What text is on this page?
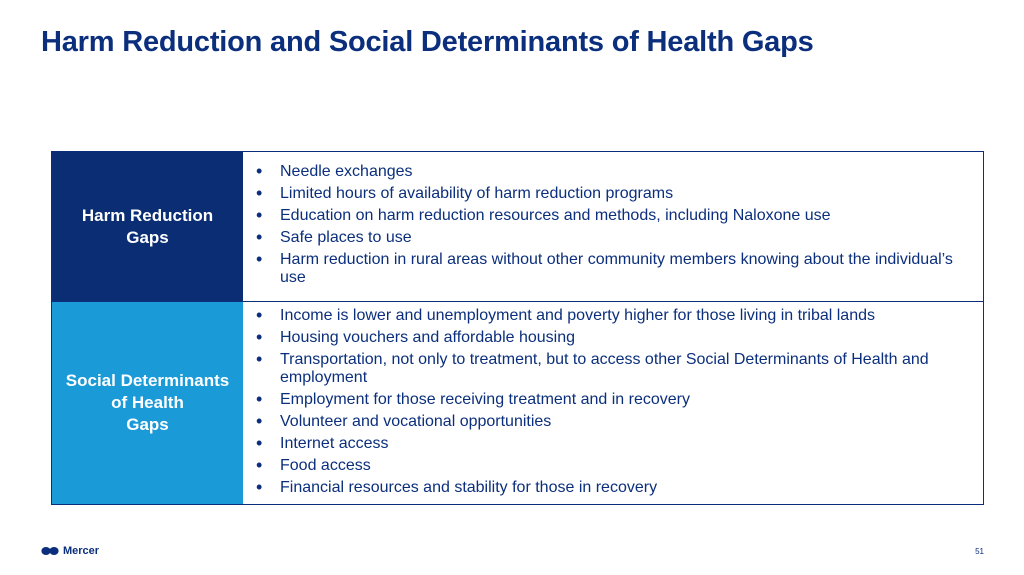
Harm Reduction and Social Determinants of Health Gaps
Harm Reduction
Gaps
• Needle exchanges
• Limited hours of availability of harm reduction programs
• Education on harm reduction resources and methods, including Naloxone use
• Safe places to use
• Harm reduction in rural areas without other community members knowing about the individual’s use
Social Determinants
of Health
Gaps
• Income is lower and unemployment and poverty higher for those living in tribal lands
• Housing vouchers and affordable housing
• Transportation, not only to treatment, but to access other Social Determinants of Health and employment
• Employment for those receiving treatment and in recovery
• Volunteer and vocational opportunities
• Internet access
• Food access
• Financial resources and stability for those in recovery
Mercer	51
